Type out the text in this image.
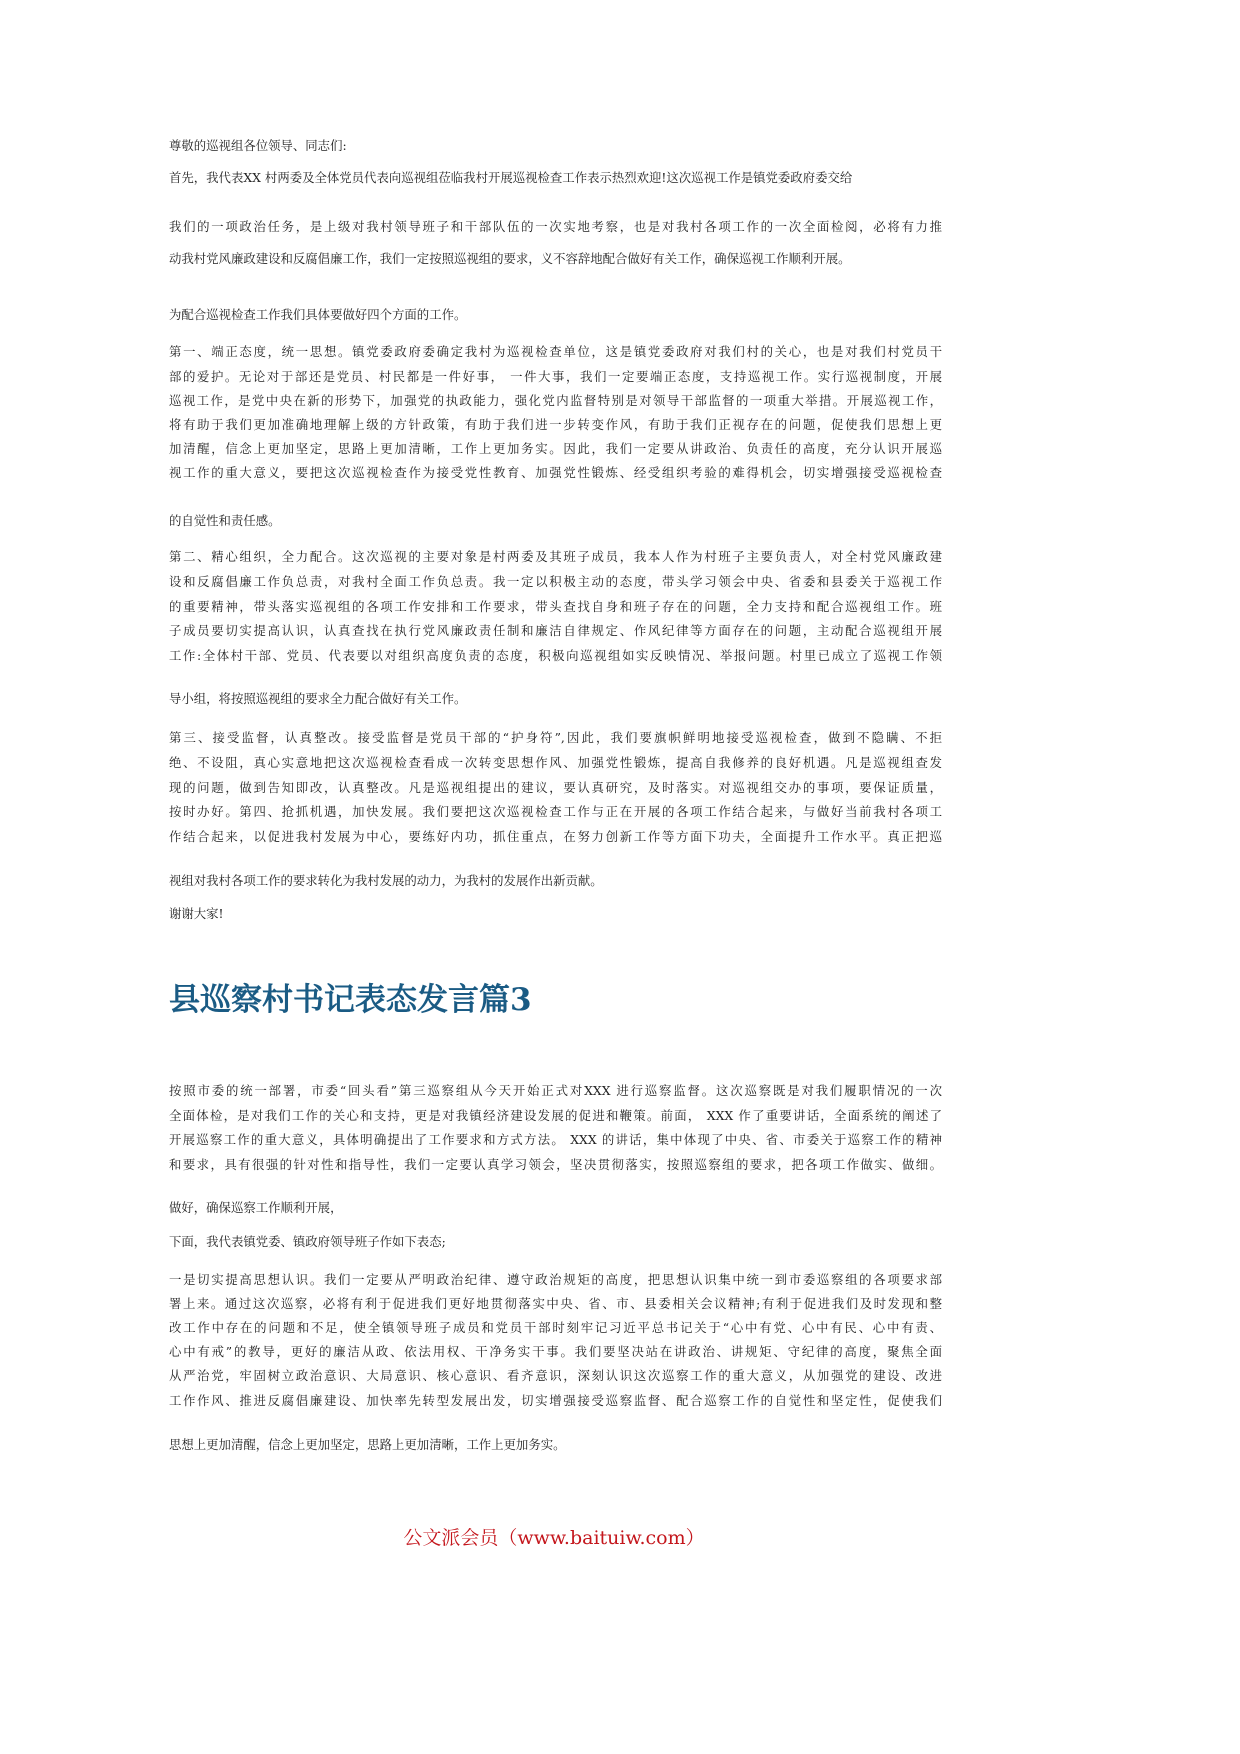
尊敬的巡视组各位领导、同志们:

首先，我代表XX 村两委及全体党员代表向巡视组莅临我村开展巡视检查工作表示热烈欢迎!这次巡视工作是镇党委政府委交给

我们的一项政治任务，是上级对我村领导班子和干部队伍的一次实地考察，也是对我村各项工作的一次全面检阅，必将有力推

动我村党风廉政建设和反腐倡廉工作，我们一定按照巡视组的要求，义不容辞地配合做好有关工作，确保巡视工作顺利开展。

为配合巡视检查工作我们具体要做好四个方面的工作。

第一、端正态度，统一思想。镇党委政府委确定我村为巡视检查单位，这是镇党委政府对我们村的关心，也是对我们村党员干

部的爱护。无论对于部还是党员、村民都是一件好事， 一件大事，我们一定要端正态度，支持巡视工作。实行巡视制度，开展

巡视工作，是党中央在新的形势下，加强党的执政能力，强化党内监督特别是对领导干部监督的一项重大举措。开展巡视工作，

将有助于我们更加准确地理解上级的方针政策，有助于我们进一步转变作风，有助于我们正视存在的问题，促使我们思想上更

加清醒，信念上更加坚定，思路上更加清晰，工作上更加务实。因此，我们一定要从讲政治、负责任的高度，充分认识开展巡

视工作的重大意义，要把这次巡视检查作为接受党性教育、加强党性锻炼、经受组织考验的难得机会，切实增强接受巡视检查

的自觉性和责任感。

第二、精心组织，全力配合。这次巡视的主要对象是村两委及其班子成员，我本人作为村班子主要负责人，对全村党风廉政建

设和反腐倡廉工作负总责，对我村全面工作负总责。我一定以积极主动的态度，带头学习领会中央、省委和县委关于巡视工作

的重要精神，带头落实巡视组的各项工作安排和工作要求，带头查找自身和班子存在的问题，全力支持和配合巡视组工作。班

子成员要切实提高认识，认真查找在执行党风廉政责任制和廉洁自律规定、作风纪律等方面存在的问题，主动配合巡视组开展

工作:全体村干部、党员、代表要以对组织高度负责的态度，积极向巡视组如实反映情况、举报问题。村里已成立了巡视工作领

导小组，将按照巡视组的要求全力配合做好有关工作。

第三、接受监督，认真整改。接受监督是党员干部的“护身符”,因此，我们要旗帜鲜明地接受巡视检查，做到不隐瞒、不拒

绝、不设阻，真心实意地把这次巡视检查看成一次转变思想作风、加强党性锻炼，提高自我修养的良好机遇。凡是巡视组查发

现的问题，做到告知即改，认真整改。凡是巡视组提出的建议，要认真研究，及时落实。对巡视组交办的事项，要保证质量，

按时办好。第四、抢抓机遇，加快发展。我们要把这次巡视检查工作与正在开展的各项工作结合起来，与做好当前我村各项工

作结合起来，以促进我村发展为中心，要练好内功，抓住重点，在努力创新工作等方面下功夫，全面提升工作水平。真正把巡

视组对我村各项工作的要求转化为我村发展的动力，为我村的发展作出新贡献。

谢谢大家!

县巡察村书记表态发言篇3

按照市委的统一部署，市委“回头看”第三巡察组从今天开始正式对XXX 进行巡察监督。这次巡察既是对我们履职情况的一次

全面体检，是对我们工作的关心和支持，更是对我镇经济建设发展的促进和鞭策。前面， XXX 作了重要讲话，全面系统的阐述了

开展巡察工作的重大意义，具体明确提出了工作要求和方式方法。 XXX 的讲话，集中体现了中央、省、市委关于巡察工作的精神

和要求，具有很强的针对性和指导性，我们一定要认真学习领会，坚决贯彻落实，按照巡察组的要求，把各项工作做实、做细。

做好，确保巡察工作顺利开展，

下面，我代表镇党委、镇政府领导班子作如下表态;

一是切实提高思想认识。我们一定要从严明政治纪律、遵守政治规矩的高度，把思想认识集中统一到市委巡察组的各项要求部

署上来。通过这次巡察，必将有利于促进我们更好地贯彻落实中央、省、市、县委相关会议精神;有利于促进我们及时发现和整

改工作中存在的问题和不足，使全镇领导班子成员和党员干部时刻牢记习近平总书记关于“心中有党、心中有民、心中有责、

心中有戒”的教导，更好的廉洁从政、依法用权、干净务实干事。我们要坚决站在讲政治、讲规矩、守纪律的高度，聚焦全面

从严治党，牢固树立政治意识、大局意识、核心意识、看齐意识，深刻认识这次巡察工作的重大意义，从加强党的建设、改进

工作作风、推进反腐倡廉建设、加快率先转型发展出发，切实增强接受巡察监督、配合巡察工作的自觉性和坚定性，促使我们

思想上更加清醒，信念上更加坚定，思路上更加清晰，工作上更加务实。

公文派会员（www.baituiw.com）
